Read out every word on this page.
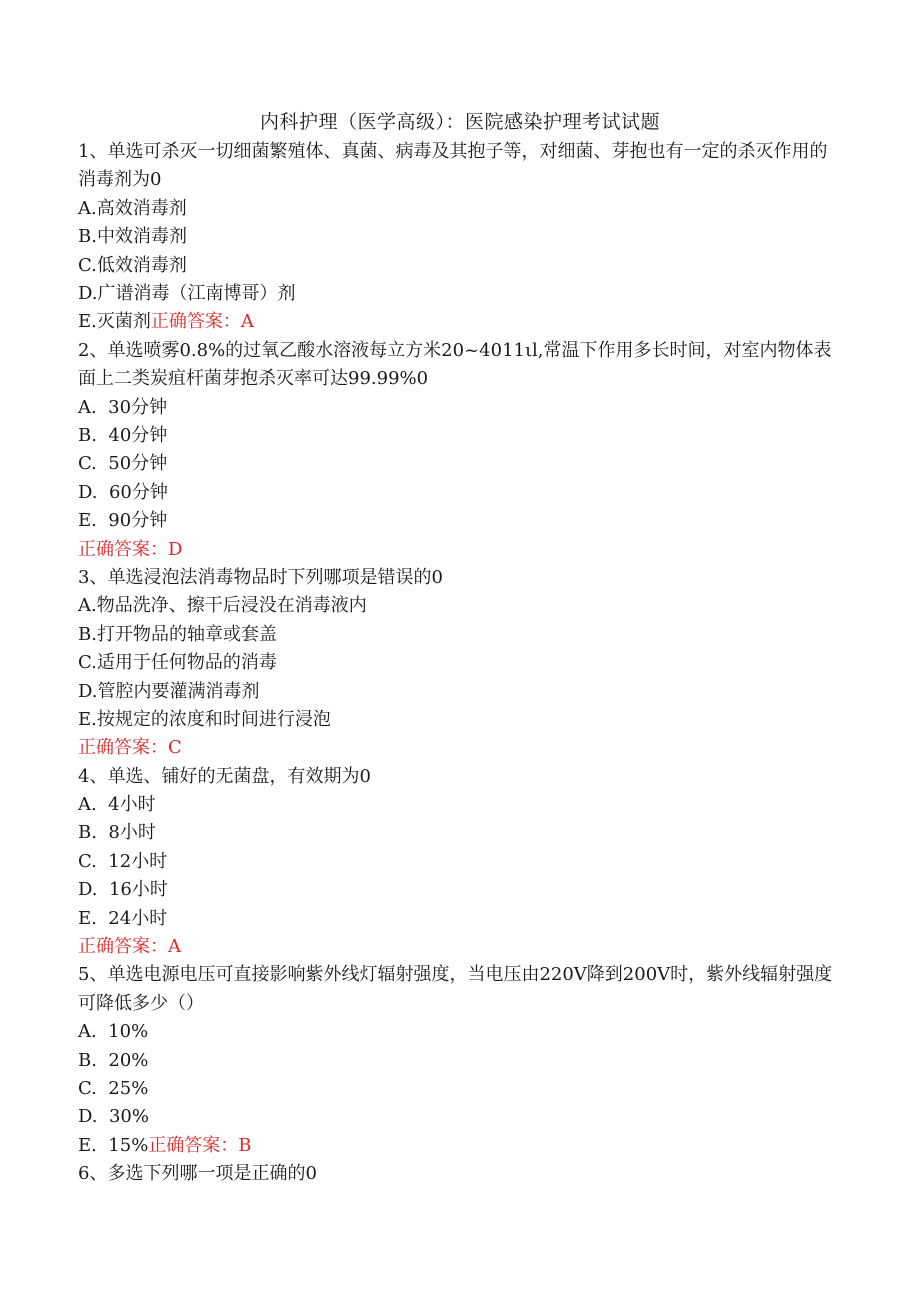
内科护理（医学高级）：医院感染护理考试试题
1、单选可杀灭一切细菌繁殖体、真菌、病毒及其抱子等，对细菌、芽抱也有一定的杀灭作用的消毒剂为0
A.高效消毒剂
B.中效消毒剂
C.低效消毒剂
D.广谱消毒（江南博哥）剂
E.灭菌剂正确答案：A
2、单选喷雾0.8%的过氧乙酸水溶液每立方米20~4011ιl,常温下作用多长时间，对室内物体表面上二类炭疽杆菌芽抱杀灭率可达99.99%0
A.  30分钟
B.  40分钟
C.  50分钟
D.  60分钟
E.  90分钟
正确答案：D
3、单选浸泡法消毒物品时下列哪项是错误的0
A.物品洗净、擦干后浸没在消毒液内
B.打开物品的轴章或套盖
C.适用于任何物品的消毒
D.管腔内要灌满消毒剂
E.按规定的浓度和时间进行浸泡
正确答案：C
4、单选、铺好的无菌盘，有效期为0
A.  4小时
B.  8小时
C.  12小时
D.  16小时
E.  24小时
正确答案：A
5、单选电源电压可直接影响紫外线灯辐射强度，当电压由220V降到200V时，紫外线辐射强度可降低多少（）
A.  10%
B.  20%
C.  25%
D.  30%
E.  15%正确答案：B
6、多选下列哪一项是正确的0
